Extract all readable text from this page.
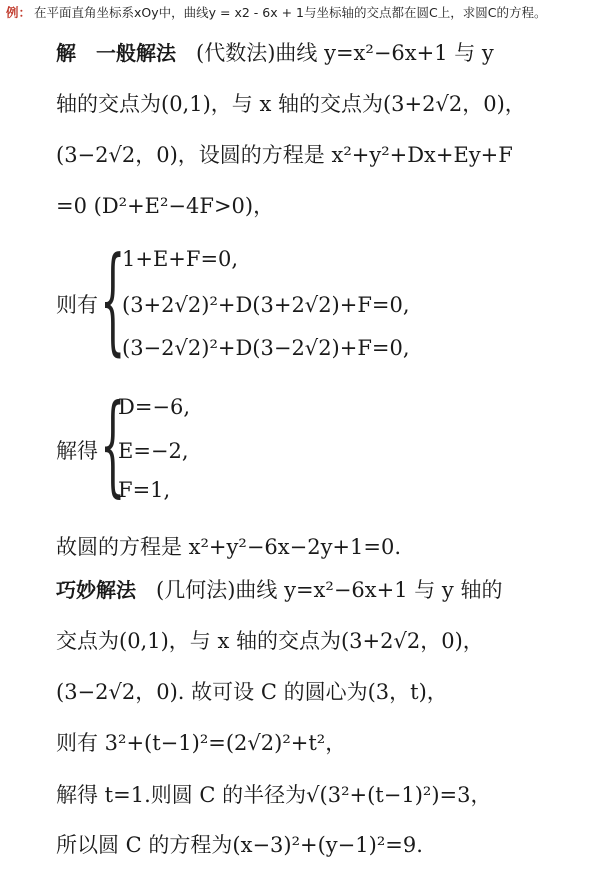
例： 在平面直角坐标系xOy中，曲线y = x2 - 6x + 1与坐标轴的交点都在圆C上，求圆C的方程。
解　一般解法 (代数法)曲线 y=x²−6x+1 与 y
轴的交点为(0,1)，与 x 轴的交点为(3+2√2，0)，
(3−2√2，0)，设圆的方程是 x²+y²+Dx+Ey+F
=0 (D²+E²−4F>0)，
则有 {
1+E+F=0,
(3+2√2)²+D(3+2√2)+F=0,
(3−2√2)²+D(3−2√2)+F=0,
解得 {
D=−6,
E=−2,
F=1,
故圆的方程是 x²+y²−6x−2y+1=0.
巧妙解法 (几何法)曲线 y=x²−6x+1 与 y 轴的
交点为(0,1)，与 x 轴的交点为(3+2√2，0)，
(3−2√2，0). 故可设 C 的圆心为(3，t)，
则有 3²+(t−1)²=(2√2)²+t²，
解得 t=1.则圆 C 的半径为√(3²+(t−1)²)=3，
所以圆 C 的方程为(x−3)²+(y−1)²=9.
